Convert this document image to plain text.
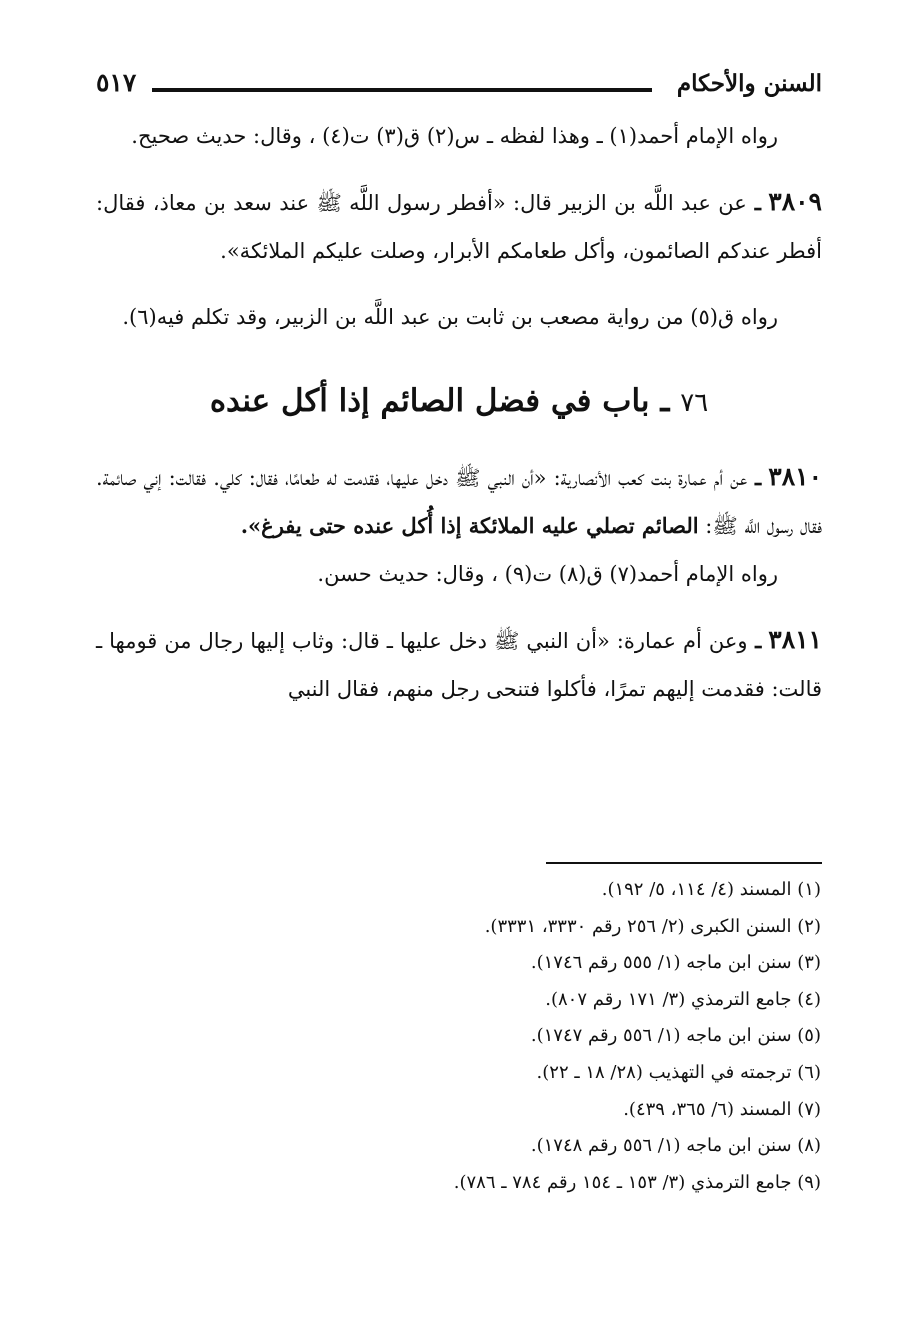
السنن والأحكام
٥١٧

رواه الإمام أحمد(١) ـ وهذا لفظه ـ س(٢) ق(٣) ت(٤) ، وقال: حديث صحيح.

٣٨٠٩ ـ عن عبد اللَّه بن الزبير قال: «أفطر رسول اللَّه ﷺ عند سعد بن معاذ، فقال: أفطر عندكم الصائمون، وأكل طعامكم الأبرار، وصلت عليكم الملائكة».

رواه ق(٥) من رواية مصعب بن ثابت بن عبد اللَّه بن الزبير، وقد تكلم فيه(٦).

٧٦ ـ باب في فضل الصائم إذا أكل عنده

٣٨١٠ ـ عن أم عمارة بنت كعب الأنصارية: «أن النبي ﷺ دخل عليها، فقدمت له طعامًا، فقال: كلي. فقالت: إني صائمة. فقال رسول اللَّه ﷺ: الصائم تصلي عليه الملائكة إذا أُكل عنده حتى يفرغ».

رواه الإمام أحمد(٧) ق(٨) ت(٩) ، وقال: حديث حسن.

٣٨١١ ـ وعن أم عمارة: «أن النبي ﷺ دخل عليها ـ قال: وثاب إليها رجال من قومها ـ قالت: فقدمت إليهم تمرًا، فأكلوا فتنحى رجل منهم، فقال النبي

(١) المسند (٤/ ١١٤، ٥/ ١٩٢).
(٢) السنن الكبرى (٢/ ٢٥٦ رقم ٣٣٣٠، ٣٣٣١).
(٣) سنن ابن ماجه (١/ ٥٥٥ رقم ١٧٤٦).
(٤) جامع الترمذي (٣/ ١٧١ رقم ٨٠٧).
(٥) سنن ابن ماجه (١/ ٥٥٦ رقم ١٧٤٧).
(٦) ترجمته في التهذيب (٢٨/ ١٨ ـ ٢٢).
(٧) المسند (٦/ ٣٦٥، ٤٣٩).
(٨) سنن ابن ماجه (١/ ٥٥٦ رقم ١٧٤٨).
(٩) جامع الترمذي (٣/ ١٥٣ ـ ١٥٤ رقم ٧٨٤ ـ ٧٨٦).
